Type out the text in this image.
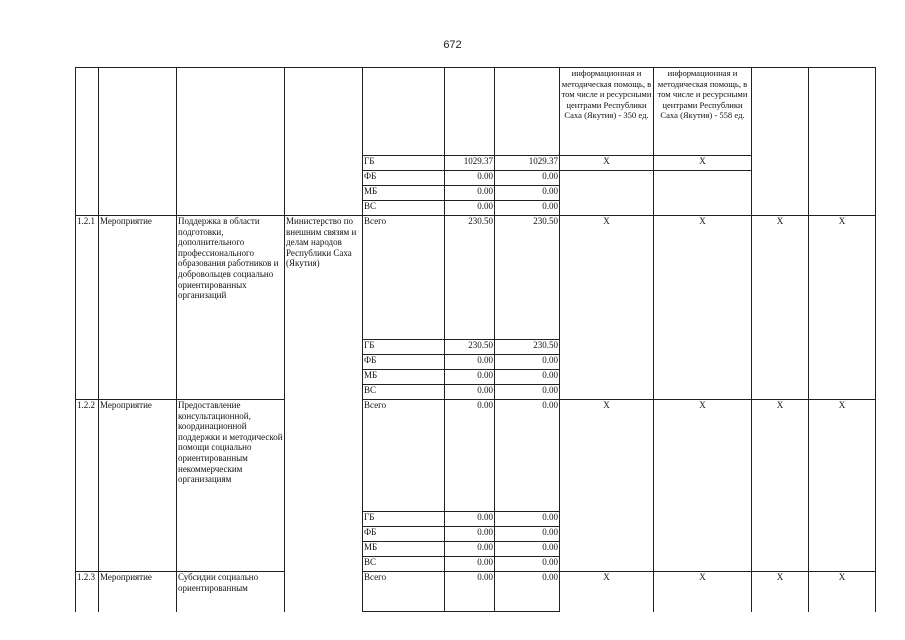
672
							информационная и методическая помощь, в том числе и ресурсными центрами Республики Саха (Якутия) - 350 ед.	информационная и методическая помощь, в том числе и ресурсными центрами Республики Саха (Якутия) - 558 ед.		
				ГБ	1029.37	1029.37	X	X		
				ФБ	0.00	0.00				
				МБ	0.00	0.00				
				ВС	0.00	0.00				
1.2.1	Мероприятие	Поддержка в области подготовки, дополнительного профессионального образования работников и добровольцев социально ориентированных организаций	Министерство по внешним связям и делам народов Республики Саха (Якутия)	Всего	230.50	230.50	X	X	X	X
				ГБ	230.50	230.50				
				ФБ	0.00	0.00				
				МБ	0.00	0.00				
				ВС	0.00	0.00				
1.2.2	Мероприятие	Предоставление консультационной, координационной поддержки и методической помощи социально ориентированным некоммерческим организациям		Всего	0.00	0.00	X	X	X	X
				ГБ	0.00	0.00				
				ФБ	0.00	0.00				
				МБ	0.00	0.00				
				ВС	0.00	0.00				
1.2.3	Мероприятие	Субсидии социально ориентированным		Всего	0.00	0.00	X	X	X	X
